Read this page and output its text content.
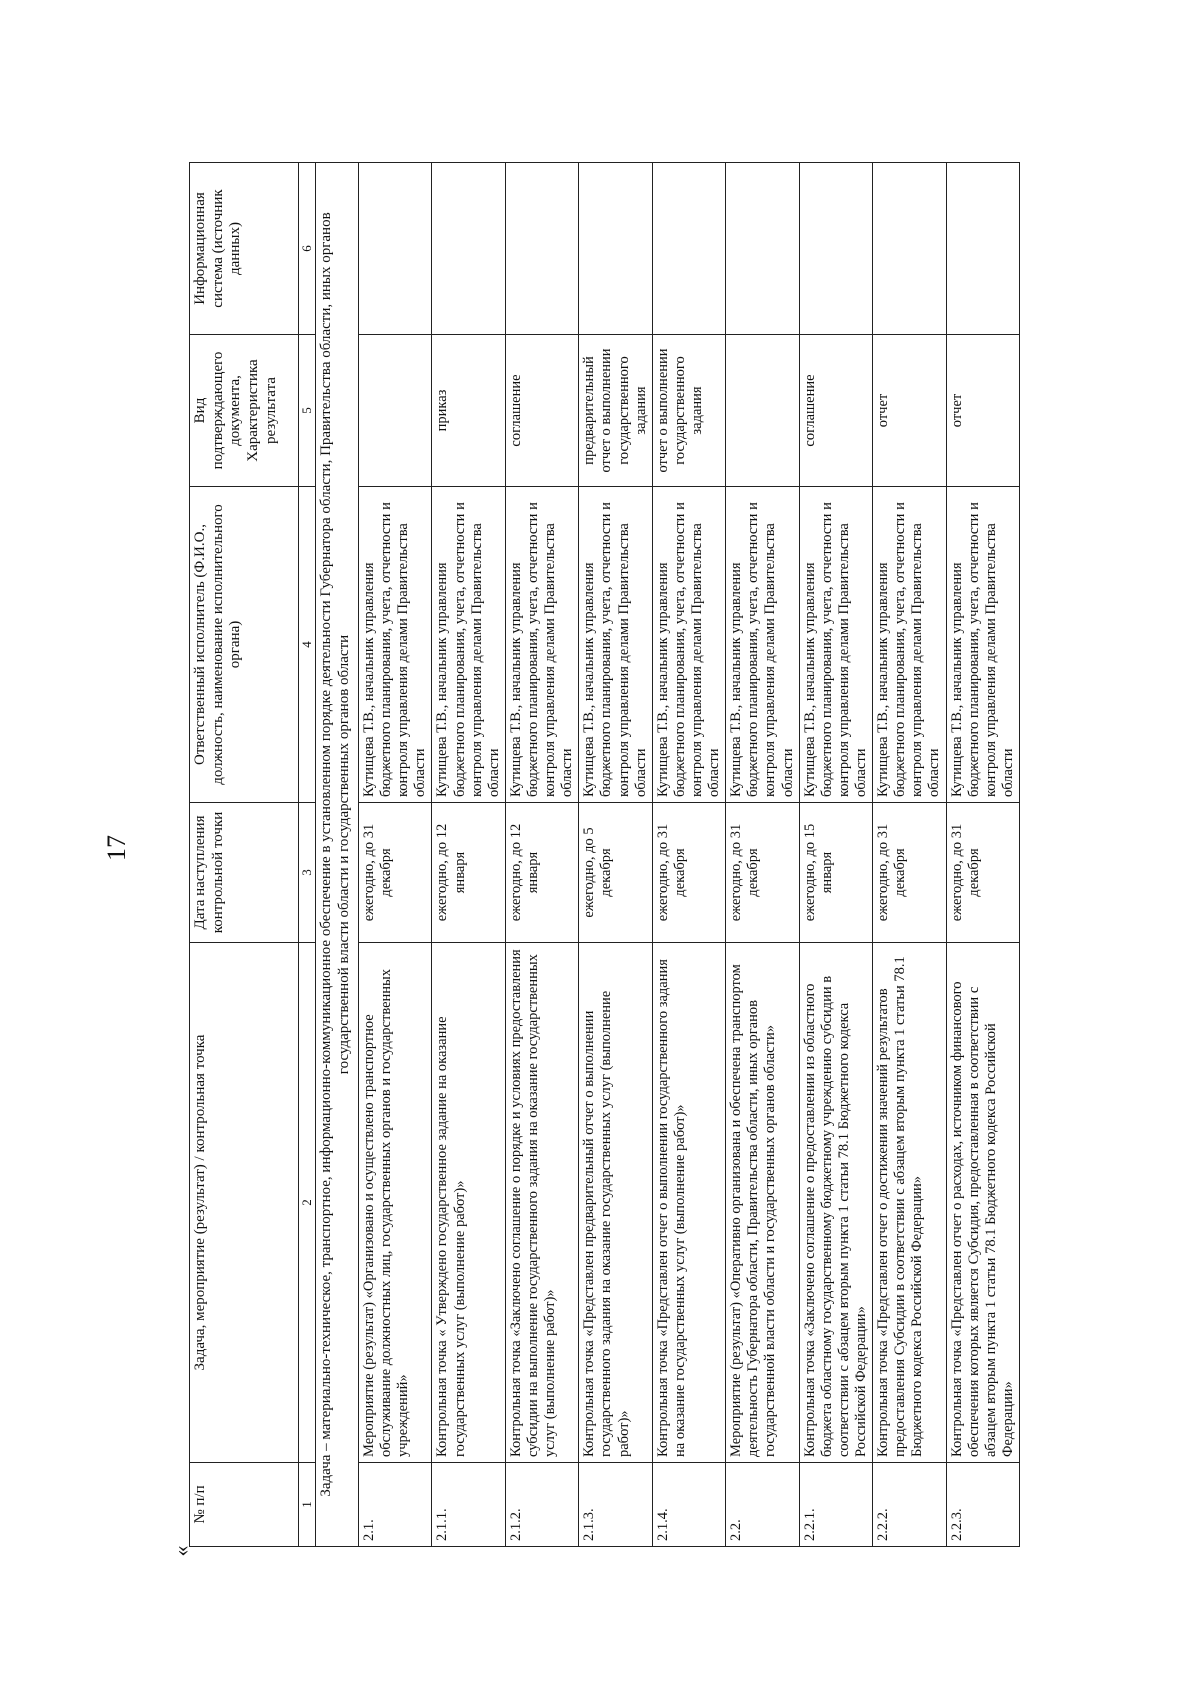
17
«
№ п/п	Задача, мероприятие (результат) / контрольная точка	Дата наступления контрольной точки	Ответственный исполнитель (Ф.И.О., должность, наименование исполнительного органа)	Вид подтверждающего документа, Характеристика результата	Информационная система (источник данных)
1	2	3	4	5	6
Задача – материально-техническое, транспортное, информационно-коммуникационное обеспечение в установленном порядке деятельности Губернатора области, Правительства области, иных органов государственной власти области и государственных органов области					
2.1.	Мероприятие (результат) «Организовано и осуществлено транспортное обслуживание должностных лиц, государственных органов и государственных учреждений»	ежегодно, до 31 декабря	Кутищева Т.В., начальник управления бюджетного планирования, учета, отчетности и контроля управления делами Правительства области		
2.1.1.	Контрольная точка « Утверждено государственное задание на оказание государственных услуг (выполнение работ)»	ежегодно, до 12 января	Кутищева Т.В., начальник управления бюджетного планирования, учета, отчетности и контроля управления делами Правительства области	приказ	
2.1.2.	Контрольная точка «Заключено соглашение о порядке и условиях предоставления субсидии на выполнение государственного задания на оказание государственных услуг (выполнение работ)»	ежегодно, до 12 января	Кутищева Т.В., начальник управления бюджетного планирования, учета, отчетности и контроля управления делами Правительства области	соглашение	
2.1.3.	Контрольная точка «Представлен предварительный отчет о выполнении государственного задания на оказание государственных услуг (выполнение работ)»	ежегодно, до 5 декабря	Кутищева Т.В., начальник управления бюджетного планирования, учета, отчетности и контроля управления делами Правительства области	предварительный отчет о выполнении государственного задания	
2.1.4.	Контрольная точка «Представлен отчет о выполнении государственного задания на оказание государственных услуг (выполнение работ)»	ежегодно, до 31 декабря	Кутищева Т.В., начальник управления бюджетного планирования, учета, отчетности и контроля управления делами Правительства области	отчет о выполнении государственного задания	
2.2.	Мероприятие (результат) «Оперативно организована и обеспечена транспортом деятельность Губернатора области, Правительства области, иных органов государственной власти области и государственных органов области»	ежегодно, до 31 декабря	Кутищева Т.В., начальник управления бюджетного планирования, учета, отчетности и контроля управления делами Правительства области		
2.2.1.	Контрольная точка «Заключено соглашение о предоставлении из областного бюджета областному государственному бюджетному учреждению субсидии в соответствии с абзацем вторым пункта 1 статьи 78.1 Бюджетного кодекса Российской Федерации»	ежегодно, до 15 января	Кутищева Т.В., начальник управления бюджетного планирования, учета, отчетности и контроля управления делами Правительства области	соглашение	
2.2.2.	Контрольная точка «Представлен отчет о достижении значений результатов предоставления Субсидии в соответствии с абзацем вторым пункта 1 статьи 78.1 Бюджетного кодекса Российской Федерации»	ежегодно, до 31 декабря	Кутищева Т.В., начальник управления бюджетного планирования, учета, отчетности и контроля управления делами Правительства области	отчет	
2.2.3.	Контрольная точка «Представлен отчет о расходах, источником финансового обеспечения которых является Субсидия, предоставленная в соответствии с абзацем вторым пункта 1 статьи 78.1 Бюджетного кодекса Российской Федерации»	ежегодно, до 31 декабря	Кутищева Т.В., начальник управления бюджетного планирования, учета, отчетности и контроля управления делами Правительства области	отчет	
